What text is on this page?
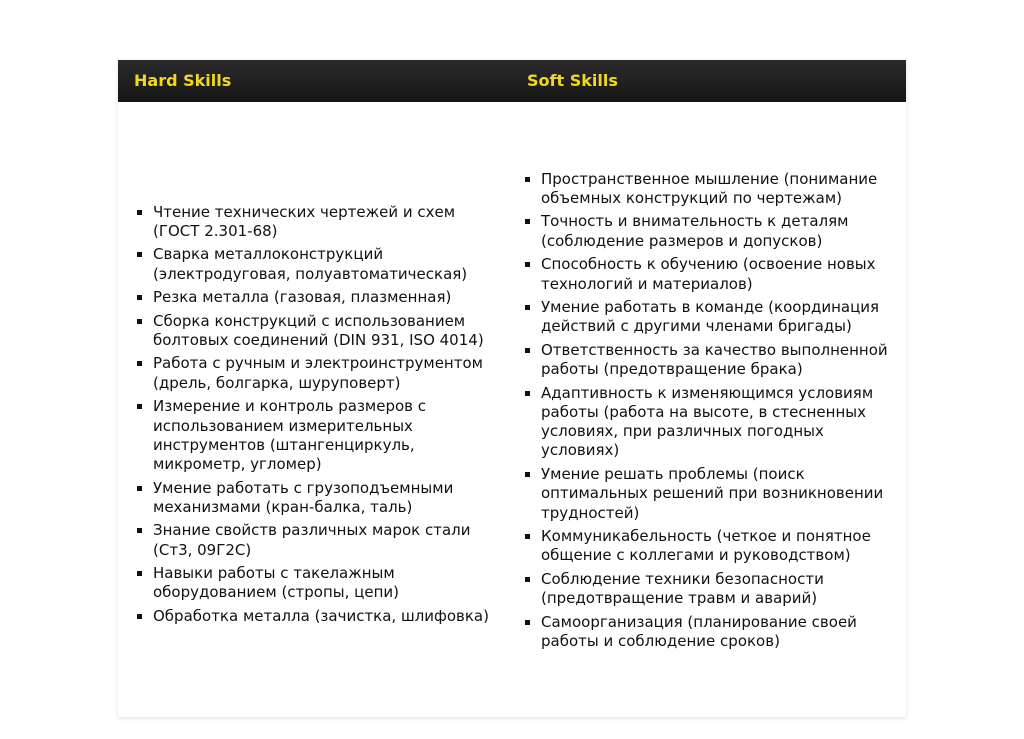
Hard Skills	Soft Skills
Чтение технических чертежей и схем (ГОСТ 2.301-68)
Сварка металлоконструкций (электродуговая, полуавтоматическая)
Резка металла (газовая, плазменная)
Сборка конструкций с использованием болтовых соединений (DIN 931, ISO 4014)
Работа с ручным и электроинструментом (дрель, болгарка, шуруповерт)
Измерение и контроль размеров с использованием измерительных инструментов (штангенциркуль, микрометр, угломер)
Умение работать с грузоподъемными механизмами (кран-балка, таль)
Знание свойств различных марок стали (Ст3, 09Г2С)
Навыки работы с такелажным оборудованием (стропы, цепи)
Обработка металла (зачистка, шлифовка)
Пространственное мышление (понимание объемных конструкций по чертежам)
Точность и внимательность к деталям (соблюдение размеров и допусков)
Способность к обучению (освоение новых технологий и материалов)
Умение работать в команде (координация действий с другими членами бригады)
Ответственность за качество выполненной работы (предотвращение брака)
Адаптивность к изменяющимся условиям работы (работа на высоте, в стесненных условиях, при различных погодных условиях)
Умение решать проблемы (поиск оптимальных решений при возникновении трудностей)
Коммуникабельность (четкое и понятное общение с коллегами и руководством)
Соблюдение техники безопасности (предотвращение травм и аварий)
Самоорганизация (планирование своей работы и соблюдение сроков)
